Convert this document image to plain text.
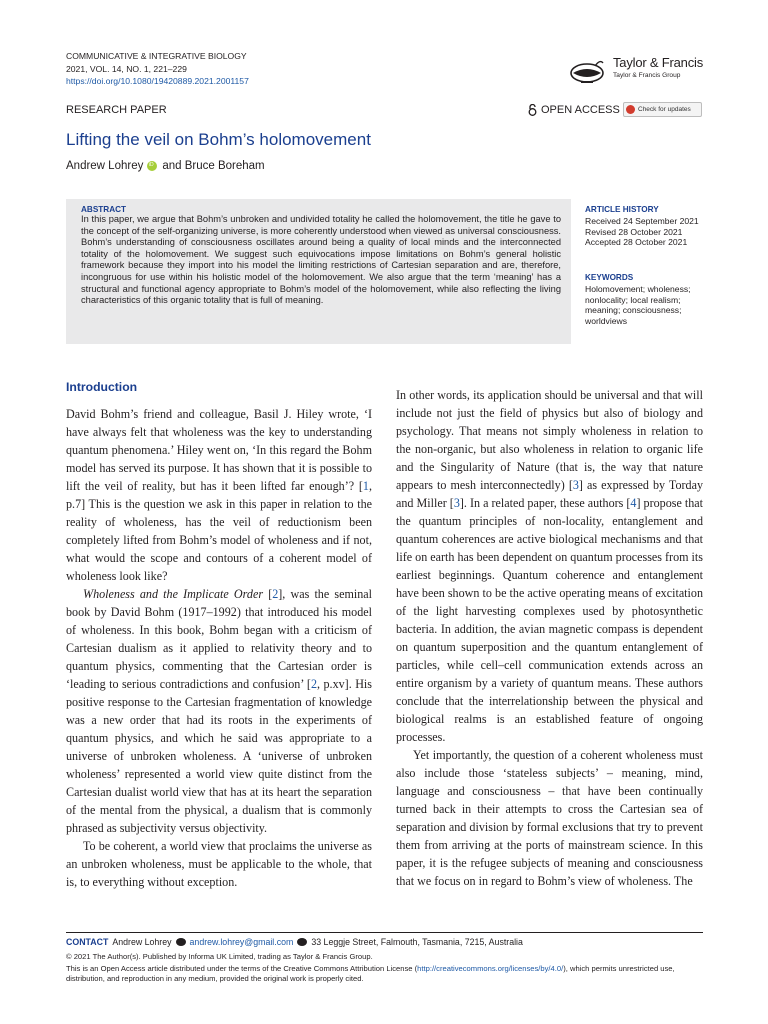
COMMUNICATIVE & INTEGRATIVE BIOLOGY
2021, VOL. 14, NO. 1, 221–229
https://doi.org/10.1080/19420889.2021.2001157
Taylor & Francis
Taylor & Francis Group
RESEARCH PAPER	OPEN ACCESS	Check for updates
Lifting the veil on Bohm’s holomovement
Andrew Lohrey
iD and Bruce Boreham
ABSTRACT
In this paper, we argue that Bohm’s unbroken and undivided totality he called the holomovement, the title he gave to the concept of the self-organizing universe, is more coherently understood when viewed as universal consciousness. Bohm’s understanding of consciousness oscillates around being a quality of local minds and the interconnected totality of the holomovement. We suggest such equivocations impose limitations on Bohm’s general holistic framework because they import into his model the limiting restrictions of Cartesian separation and are, therefore, incongruous for use within his holistic model of the holomovement. We also argue that the term ‘meaning’ has a structural and functional agency appropriate to Bohm’s model of the holomovement, while also reflecting the living characteristics of this organic totality that is full of meaning.
ARTICLE HISTORY
Received 24 September 2021
Revised 28 October 2021
Accepted 28 October 2021
KEYWORDS
Holomovement; wholeness; nonlocality; local realism; meaning; consciousness; worldviews
Introduction

David Bohm’s friend and colleague, Basil J. Hiley wrote, ‘I have always felt that wholeness was the key to understanding quantum phenomena.’ Hiley went on, ‘In this regard the Bohm model has served its purpose. It has shown that it is possible to lift the veil of reality, but has it been lifted far enough’? [1, p.7] This is the question we ask in this paper in relation to the reality of wholeness, has the veil of reductionism been completely lifted from Bohm’s model of wholeness and if not, what would the scope and contours of a coherent model of wholeness look like?

Wholeness and the Implicate Order [2], was the seminal book by David Bohm (1917–1992) that introduced his model of wholeness. In this book, Bohm began with a criticism of Cartesian dualism as it applied to relativity theory and to quantum physics, commenting that the Cartesian order is ‘leading to serious contradictions and confusion’ [2, p.xv]. His positive response to the Cartesian fragmentation of knowledge was a new order that had its roots in the experiments of quantum physics, and which he said was appropriate to a universe of unbroken wholeness. A ‘universe of unbroken wholeness’ represented a world view quite distinct from the Cartesian dualist world view that has at its heart the separation of the mental from the physical, a dualism that is commonly phrased as subjectivity versus objectivity.

To be coherent, a world view that proclaims the universe as an unbroken wholeness, must be applicable to the whole, that is, to everything without exception.

In other words, its application should be universal and that will include not just the field of physics but also of biology and psychology. That means not simply wholeness in relation to the non-organic, but also wholeness in relation to organic life and the Singularity of Nature (that is, the way that nature appears to mesh interconnectedly) [3] as expressed by Torday and Miller [3]. In a related paper, these authors [4] propose that the quantum principles of non-locality, entanglement and quantum coherences are active biological mechanisms and that life on earth has been dependent on quantum processes from its earliest beginnings. Quantum coherence and entanglement have been shown to be the active operating means of excitation of the light harvesting complexes used by photosynthetic bacteria. In addition, the avian magnetic compass is dependent on quantum superposition and the quantum entanglement of particles, while cell–cell communication extends across an entire organism by a variety of quantum means. These authors conclude that the interrelationship between the physical and biological realms is an established feature of ongoing processes.

Yet importantly, the question of a coherent wholeness must also include those ‘stateless subjects’ – meaning, mind, language and consciousness – that have been continually turned back in their attempts to cross the Cartesian sea of separation and division by formal exclusions that try to prevent them from arriving at the ports of mainstream science. In this paper, it is the refugee subjects of meaning and consciousness that we focus on in regard to Bohm’s view of wholeness. The

CONTACT Andrew Lohrey andrew.lohrey@gmail.com 33 Leggje Street, Falmouth, Tasmania, 7215, Australia
© 2021 The Author(s). Published by Informa UK Limited, trading as Taylor & Francis Group.
This is an Open Access article distributed under the terms of the Creative Commons Attribution License (http://creativecommons.org/licenses/by/4.0/), which permits unrestricted use, distribution, and reproduction in any medium, provided the original work is properly cited.
